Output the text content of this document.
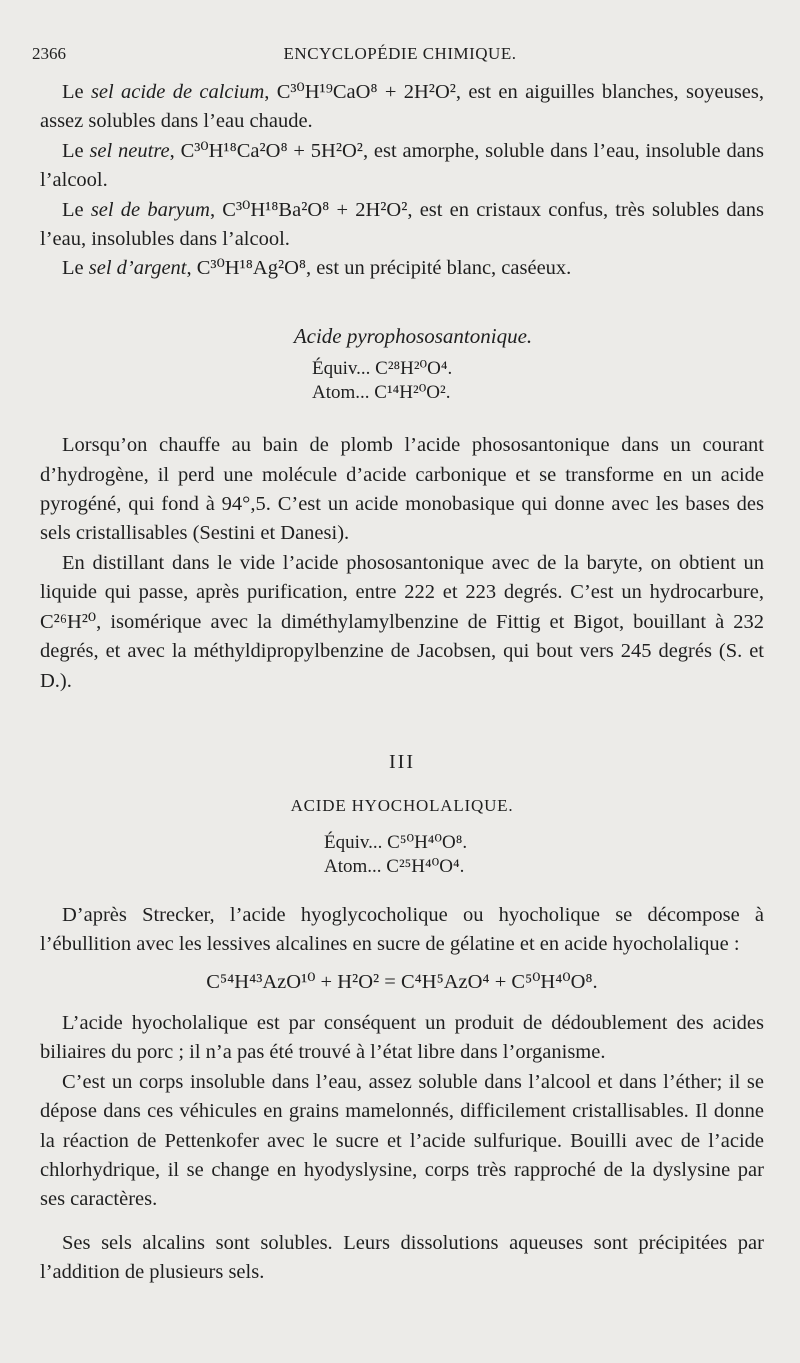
2366	ENCYCLOPÉDIE CHIMIQUE.

Le sel acide de calcium, C³⁰H¹⁹CaO⁸ + 2H²O², est en aiguilles blanches, soyeuses, assez solubles dans l’eau chaude.

Le sel neutre, C³⁰H¹⁸Ca²O⁸ + 5H²O², est amorphe, soluble dans l’eau, insoluble dans l’alcool.

Le sel de baryum, C³⁰H¹⁸Ba²O⁸ + 2H²O², est en cristaux confus, très solubles dans l’eau, insolubles dans l’alcool.

Le sel d’argent, C³⁰H¹⁸Ag²O⁸, est un précipité blanc, caséeux.

Acide pyrophososantonique.

Équiv... C²⁸H²⁰O⁴.
Atom... C¹⁴H²⁰O².

Lorsqu’on chauffe au bain de plomb l’acide phososantonique dans un courant d’hydrogène, il perd une molécule d’acide carbonique et se transforme en un acide pyrogéné, qui fond à 94°,5. C’est un acide monobasique qui donne avec les bases des sels cristallisables (Sestini et Danesi).

En distillant dans le vide l’acide phososantonique avec de la baryte, on obtient un liquide qui passe, après purification, entre 222 et 223 degrés. C’est un hydrocarbure, C²⁶H²⁰, isomérique avec la diméthylamylbenzine de Fittig et Bigot, bouillant à 232 degrés, et avec la méthyldipropylbenzine de Jacobsen, qui bout vers 245 degrés (S. et D.).

III
ACIDE HYOCHOLALIQUE.
Équiv... C⁵⁰H⁴⁰O⁸.
Atom... C²⁵H⁴⁰O⁴.

D’après Strecker, l’acide hyoglycocholique ou hyocholique se décompose à l’ébullition avec les lessives alcalines en sucre de gélatine et en acide hyocholalique :

C⁵⁴H⁴³AzO¹⁰ + H²O² = C⁴H⁵AzO⁴ + C⁵⁰H⁴⁰O⁸.

L’acide hyocholalique est par conséquent un produit de dédoublement des acides biliaires du porc ; il n’a pas été trouvé à l’état libre dans l’organisme.

C’est un corps insoluble dans l’eau, assez soluble dans l’alcool et dans l’éther; il se dépose dans ces véhicules en grains mamelonnés, difficilement cristallisables. Il donne la réaction de Pettenkofer avec le sucre et l’acide sulfurique. Bouilli avec de l’acide chlorhydrique, il se change en hyodyslysine, corps très rapproché de la dyslysine par ses caractères.

Ses sels alcalins sont solubles. Leurs dissolutions aqueuses sont précipitées par l’addition de plusieurs sels.
